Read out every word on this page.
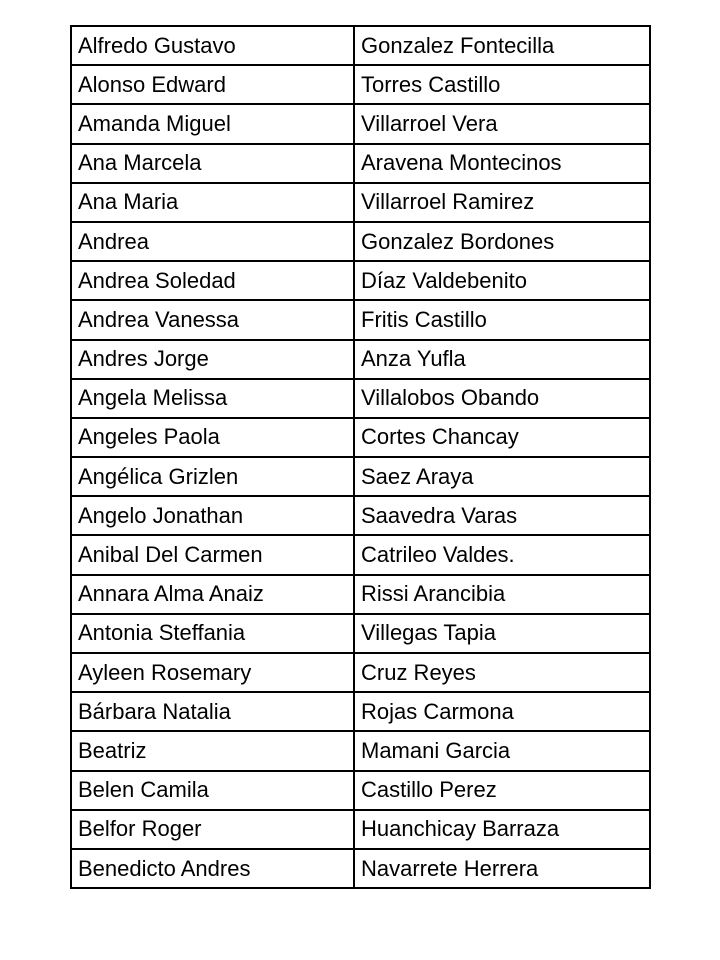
Alfredo Gustavo	Gonzalez Fontecilla
Alonso Edward	Torres Castillo
Amanda Miguel	Villarroel Vera
Ana Marcela	Aravena Montecinos
Ana Maria	Villarroel Ramirez
Andrea	Gonzalez Bordones
Andrea Soledad	Díaz Valdebenito
Andrea Vanessa	Fritis Castillo
Andres Jorge	Anza Yufla
Angela Melissa	Villalobos Obando
Angeles Paola	Cortes Chancay
Angélica Grizlen	Saez Araya
Angelo Jonathan	Saavedra Varas
Anibal Del Carmen	Catrileo Valdes.
Annara Alma Anaiz	Rissi Arancibia
Antonia Steffania	Villegas Tapia
Ayleen Rosemary	Cruz Reyes
Bárbara Natalia	Rojas Carmona
Beatriz	Mamani Garcia
Belen Camila	Castillo Perez
Belfor Roger	Huanchicay Barraza
Benedicto Andres	Navarrete Herrera
